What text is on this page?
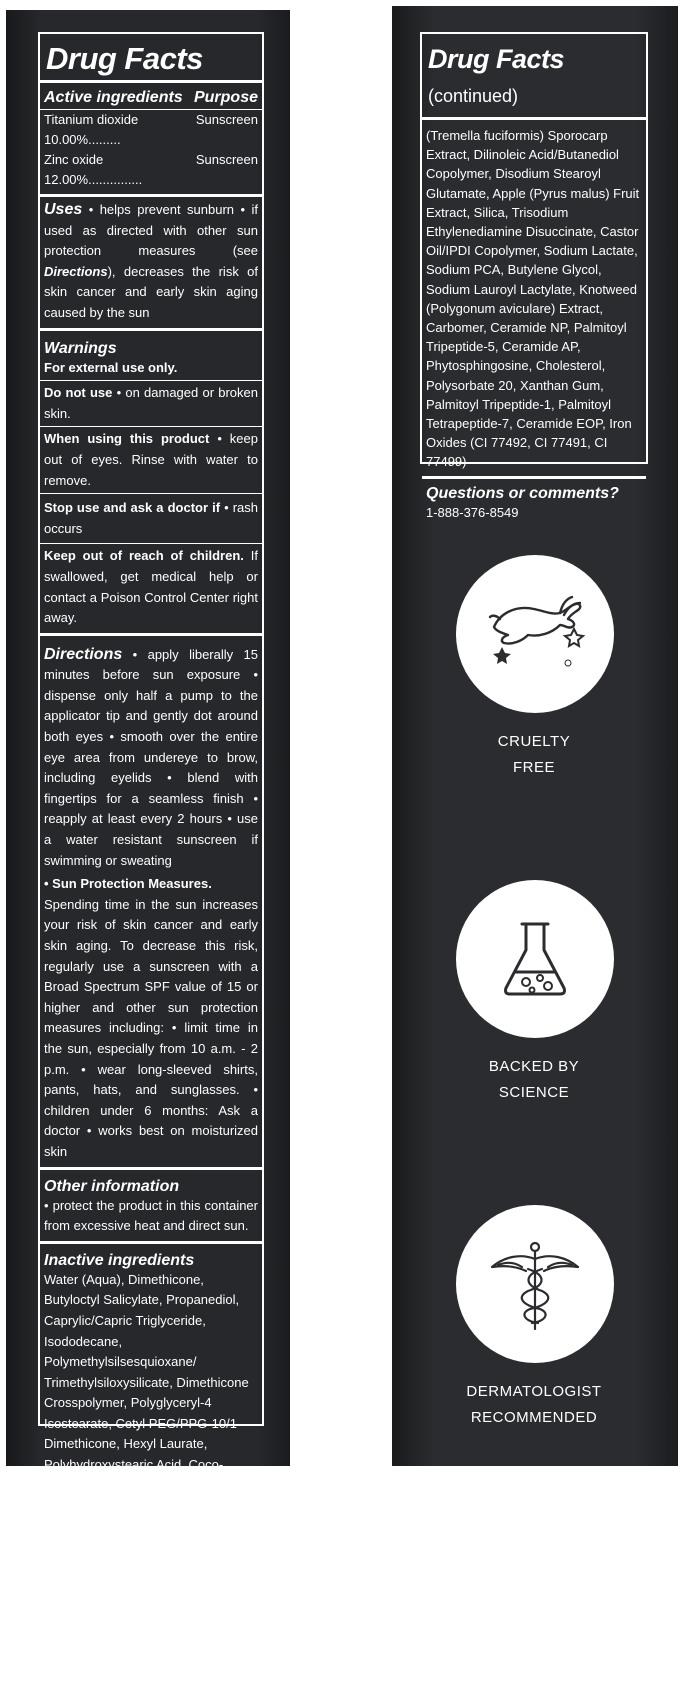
Drug Facts
Active ingredients Purpose
Titanium dioxide 10.00%.........
Sunscreen
Zinc oxide 12.00%...............
Sunscreen
Uses • helps prevent sunburn • if used as directed with other sun protection measures (see Directions), decreases the risk of skin cancer and early skin aging caused by the sun
Warnings
For external use only.
Do not use • on damaged or broken skin.
When using this product • keep out of eyes. Rinse with water to remove.
Stop use and ask a doctor if • rash occurs
Keep out of reach of children. If swallowed, get medical help or contact a Poison Control Center right away.
Directions • apply liberally 15 minutes before sun exposure • dispense only half a pump to the applicator tip and gently dot around both eyes • smooth over the entire eye area from undereye to brow, including eyelids • blend with fingertips for a seamless finish • reapply at least every 2 hours • use a water resistant sunscreen if swimming or sweating
• Sun Protection Measures.
Spending time in the sun increases your risk of skin cancer and early skin aging. To decrease this risk, regularly use a sunscreen with a Broad Spectrum SPF value of 15 or higher and other sun protection measures including: • limit time in the sun, especially from 10 a.m. - 2 p.m. • wear long-sleeved shirts, pants, hats, and sunglasses. • children under 6 months: Ask a doctor • works best on moisturized skin
Other information
• protect the product in this container from excessive heat and direct sun.
Inactive ingredients
Water (Aqua), Dimethicone, Butyloctyl Salicylate, Propanediol, Caprylic/Capric Triglyceride, Isododecane, Polymethylsilsesquioxane/ Trimethylsiloxysilicate, Dimethicone Crosspolymer, Polyglyceryl-4 Isostearate, Cetyl PEG/PPG-10/1 Dimethicone, Hexyl Laurate, Polyhydroxystearic Acid, Coco-Caprylate/ Caprate, Sodium Chloride, 1,2-Hexanediol, Dimethicone/Vinyl Dimethicone Crosspolymer, Polyphenylsilsesquioxane, Glycerin, Caprylhydroxamic Acid, Watermelon (Citrullus lanatus) Fruit Extract, Polyglyceryl-6 Polyricinoleate, Lentil (Lens esculenta) Fruit Extract, Mushroom
Drug Facts (continued)
(Tremella fuciformis) Sporocarp Extract, Dilinoleic Acid/Butanediol Copolymer, Disodium Stearoyl Glutamate, Apple (Pyrus malus) Fruit Extract, Silica, Trisodium Ethylenediamine Disuccinate, Castor Oil/IPDI Copolymer, Sodium Lactate, Sodium PCA, Butylene Glycol, Sodium Lauroyl Lactylate, Knotweed (Polygonum aviculare) Extract, Carbomer, Ceramide NP, Palmitoyl Tripeptide-5, Ceramide AP, Phytosphingosine, Cholesterol, Polysorbate 20, Xanthan Gum, Palmitoyl Tripeptide-1, Palmitoyl Tetrapeptide-7, Ceramide EOP, Iron Oxides (CI 77492, CI 77491, CI 77499)
Questions or comments?
1-888-376-8549
CRUELTY
FREE
BACKED BY
SCIENCE
DERMATOLOGIST
RECOMMENDED
